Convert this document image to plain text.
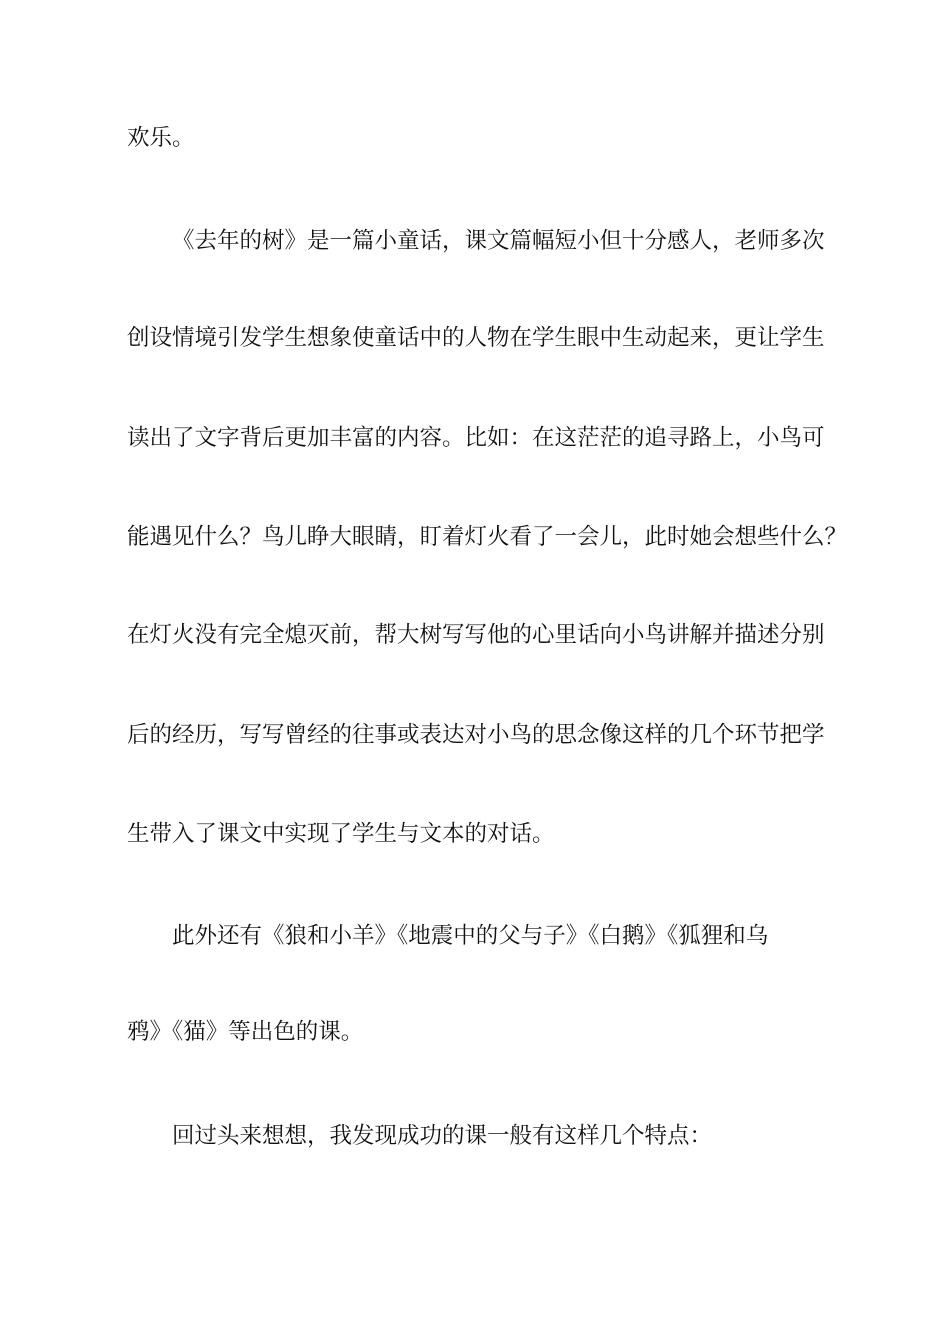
欢乐。
《去年的树》是一篇小童话，课文篇幅短小但十分感人，老师多次
创设情境引发学生想象使童话中的人物在学生眼中生动起来，更让学生
读出了文字背后更加丰富的内容。比如：在这茫茫的追寻路上，小鸟可
能遇见什么？鸟儿睁大眼睛，盯着灯火看了一会儿，此时她会想些什么？
在灯火没有完全熄灭前，帮大树写写他的心里话向小鸟讲解并描述分别
后的经历，写写曾经的往事或表达对小鸟的思念像这样的几个环节把学
生带入了课文中实现了学生与文本的对话。
此外还有《狼和小羊》《地震中的父与子》《白鹅》《狐狸和乌
鸦》《猫》等出色的课。
回过头来想想，我发现成功的课一般有这样几个特点：
